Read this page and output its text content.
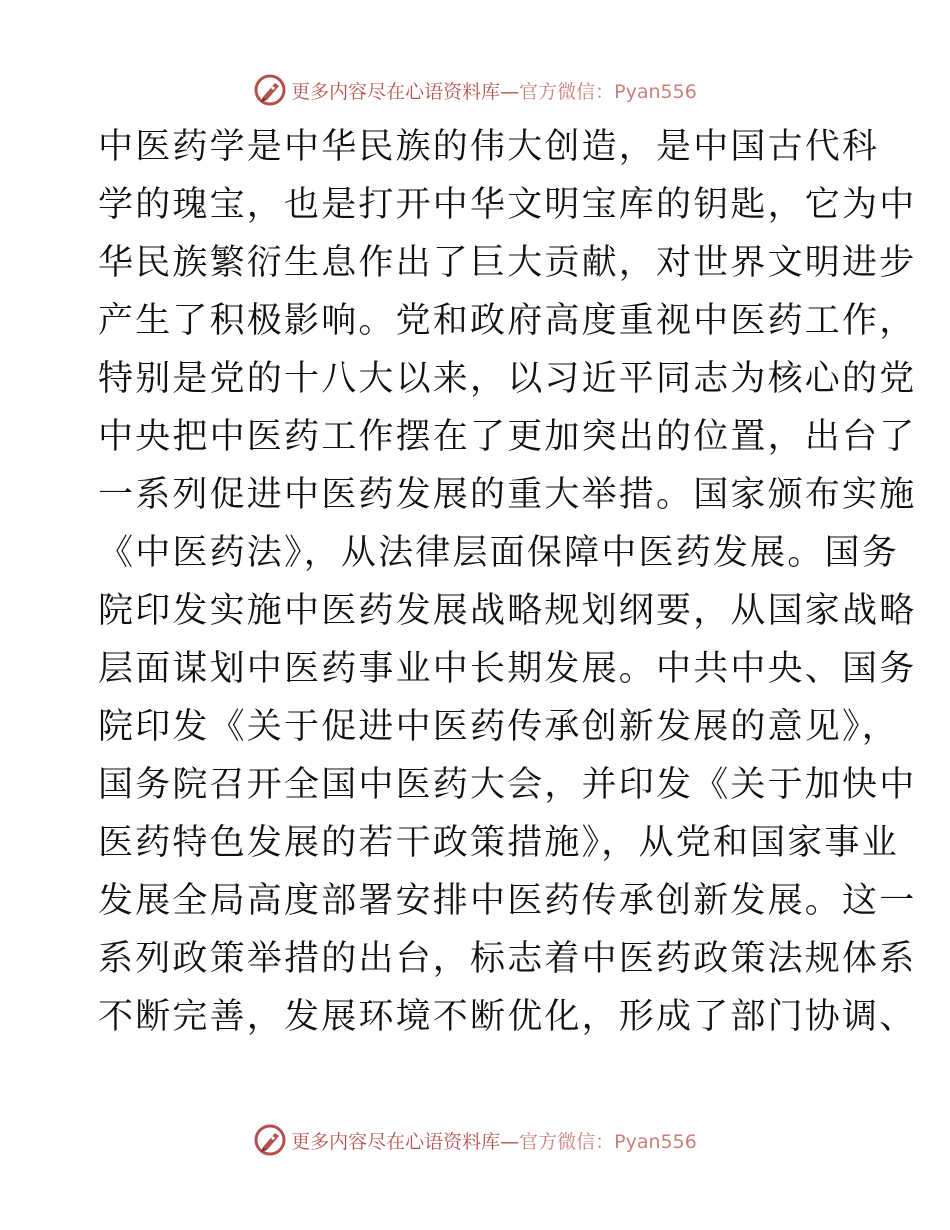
更多内容尽在心语资料库—官方微信：Pyan556
中医药学是中华民族的伟大创造，是中国古代科
学的瑰宝，也是打开中华文明宝库的钥匙，它为中
华民族繁衍生息作出了巨大贡献，对世界文明进步
产生了积极影响。党和政府高度重视中医药工作，
特别是党的十八大以来，以习近平同志为核心的党
中央把中医药工作摆在了更加突出的位置，出台了
一系列促进中医药发展的重大举措。国家颁布实施
《中医药法》，从法律层面保障中医药发展。国务
院印发实施中医药发展战略规划纲要，从国家战略
层面谋划中医药事业中长期发展。中共中央、国务
院印发《关于促进中医药传承创新发展的意见》，
国务院召开全国中医药大会，并印发《关于加快中
医药特色发展的若干政策措施》，从党和国家事业
发展全局高度部署安排中医药传承创新发展。这一
系列政策举措的出台，标志着中医药政策法规体系
不断完善，发展环境不断优化，形成了部门协调、
更多内容尽在心语资料库—官方微信：Pyan556
